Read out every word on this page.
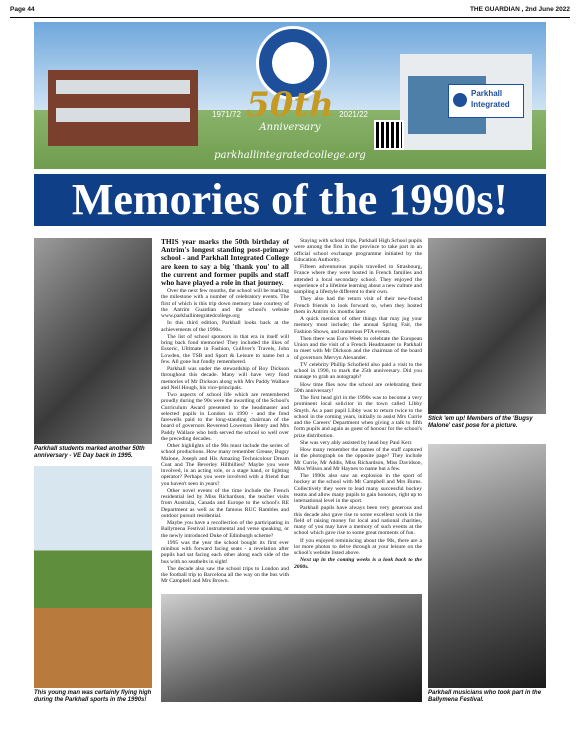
Page 44	THE GUARDIAN , 2nd June 2022
50th
Anniversary
1971/72	2021/22
parkhallintegratedcollege.org
Parkhall
Integrated
Memories of the 1990s!
Parkhall students marked another 50th anniversary - VE Day back in 1995.
This young man was certainly flying high during the Parkhall sports in the 1990s!

THIS year marks the 50th birthday of Antrim's longest standing post-primary school - and Parkhall Integrated College are keen to say a big 'thank you' to all the current and former pupils and staff who have played a role in that journey.

Over the next few months, the school will be marking the milestone with a number of celebratory events. The first of which is this trip down memory lane courtesy of the Antrim Guardian and the school's website www.parkhallintegratedcollege.org

In this third edition, Parkhall looks back at the achievements of the 1990s.

The list of school sponsors in that era in itself will bring back fond memories! They included the likes of Essoric, Ultimate in Fashion, Gulliver's Travels, John Lowden, the TSB and Sport & Leisure to name but a few. All gone but fondly remembered.

Parkhall was under the stewardship of Roy Dickson throughout this decade. Many will have very fond memories of Mr Dickson along with Mrs Paddy Wallace and Neil Hough, his vice-principals.

Two aspects of school life which are remembered proudly during the 90s were the awarding of the School's Curriculum Award presented to the headmaster and selected pupils in London in 1990 - and the fond farewells paid to the long-standing chairman of the board of governors Reverend Lowerson Henry and Mrs Paddy Wallace who both served the school so well over the preceding decades.

Other highlights of the 90s must include the series of school productions. How many remember Grease, Bugsy Malone, Joseph and His Amazing Technicolour Dream Coat and The Beverley Hillbillies? Maybe you were involved, in an acting role, or a stage hand, or lighting operator? Perhaps you were involved with a friend that you haven't seen in years?

Other novel events of the time include the French residential led by Miss Richardson, the teacher visits from Australia, Canada and Europe to the school's RE Department as well as the famous RUC Rambles and outdoor pursuit residential.

Maybe you have a recollection of the participating in Ballymena Festival instrumental and verse speaking, or the newly introduced Duke of Edinburgh scheme?

1995 was the year the school bought its first ever minibus with forward facing seats - a revelation after pupils had sat facing each other along each side of the bus with no seatbelts in sight!

The decade also saw the school trips to London and the football trip to Barcelona all the way on the bus with Mr Campbell and Mrs Brown.

Staying with school trips, Parkhall High School pupils were among the first in the province to take part in an official school exchange programme initiated by the Education Authority.

Fifteen adventurous pupils travelled to Strasbourg, France where they were hosted in French families and attended a local secondary school. They enjoyed the experience of a lifetime learning about a new culture and sampling a lifestyle different to their own.

They also had the return visit of their new-found French friends to look forward to, when they hosted them in Antrim six months later.

A quick mention of other things that may jog your memory must include; the annual Spring Fair, the Fashion Shows, and numerous PTA events.

Then there was Euro Week to celebrate the European Union and the visit of a French Headmaster to Parkhall to meet with Mr Dickson and the chairman of the board of governors Mervyn Alexander.

TV celebrity Phillip Schofield also paid a visit to the school in 1996, to mark the 25th anniversary. Did you manage to grab an autograph?

How time flies now the school are celebrating their 50th anniversary!

The first head girl in the 1990s was to become a very prominent local solicitor in the town called Libby Smyth. As a past pupil Libby was to return twice to the school in the coming years, initially to assist Mrs Currie and the Careers' Department when giving a talk to fifth form pupils and again as guest of honour for the school's prize distribution.

She was very ably assisted by head boy Paul Kerr.

How many remember the names of the staff captured in the photograph on the opposite page? They include Mr Currie, Mr Addis, Miss Richardson, Miss Davidson, Miss Wilson and Mr Haynes to name but a few.

The 1990s also saw an explosion in the sport of hockey at the school with Mr Campbell and Mrs Burns. Collectively they were to lead many successful hockey teams and allow many pupils to gain honours, right up to international level in the sport.

Parkhall pupils have always been very generous and this decade also gave rise to some excellent work in the field of raising money for local and national charities, many of you may have a memory of such events at the school which gave rise to some great moments of fun.

If you enjoyed reminiscing about the 90s, there are a lot more photos to delve through at your leisure on the school's website listed above.

Next up in the coming weeks is a look back to the 2000s.

Stick 'em up! Members of the 'Bugsy Malone' cast pose for a picture.
Parkhall musicians who took part in the Ballymena Festival.
